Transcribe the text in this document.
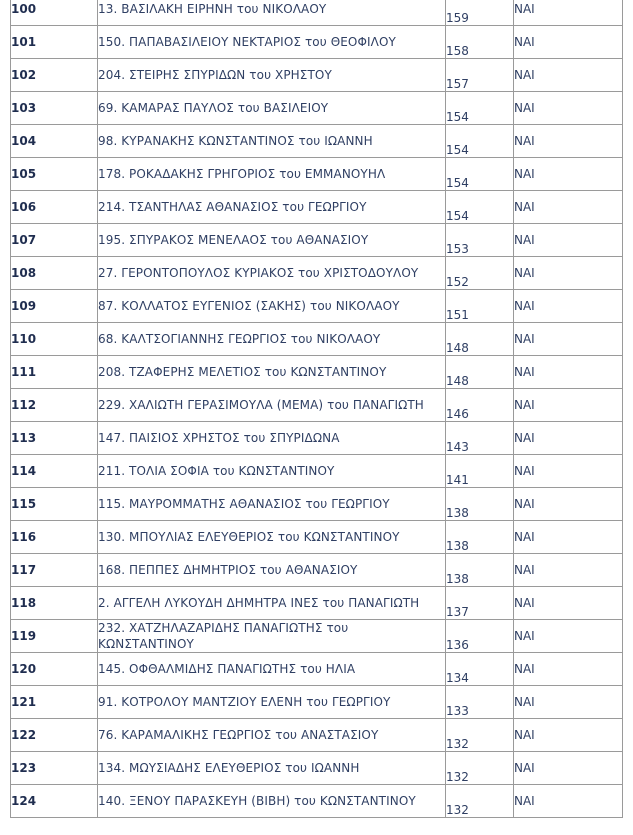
100	13. ΒΑΣΙΛΑΚΗ ΕΙΡΗΝΗ του ΝΙΚΟΛΑΟΥ	159	ΝΑΙ

101	150. ΠΑΠΑΒΑΣΙΛΕΙΟΥ ΝΕΚΤΑΡΙΟΣ του ΘΕΟΦΙΛΟΥ	158	ΝΑΙ

102	204. ΣΤΕΙΡΗΣ ΣΠΥΡΙΔΩΝ του ΧΡΗΣΤΟΥ	157	ΝΑΙ

103	69. ΚΑΜΑΡΑΣ ΠΑΥΛΟΣ του ΒΑΣΙΛΕΙΟΥ	154	ΝΑΙ

104	98. ΚΥΡΑΝΑΚΗΣ ΚΩΝΣΤΑΝΤΙΝΟΣ του ΙΩΑΝΝΗ	154	ΝΑΙ

105	178. ΡΟΚΑΔΑΚΗΣ ΓΡΗΓΟΡΙΟΣ του ΕΜΜΑΝΟΥΗΛ	154	ΝΑΙ

106	214. ΤΣΑΝΤΗΛΑΣ ΑΘΑΝΑΣΙΟΣ του ΓΕΩΡΓΙΟΥ	154	ΝΑΙ

107	195. ΣΠΥΡΑΚΟΣ ΜΕΝΕΛΑΟΣ του ΑΘΑΝΑΣΙΟΥ	153	ΝΑΙ

108	27. ΓΕΡΟΝΤΟΠΟΥΛΟΣ ΚΥΡΙΑΚΟΣ του ΧΡΙΣΤΟΔΟΥΛΟΥ	152	ΝΑΙ

109	87. ΚΟΛΛΑΤΟΣ ΕΥΓΕΝΙΟΣ (ΣΑΚΗΣ) του ΝΙΚΟΛΑΟΥ	151	ΝΑΙ

110	68. ΚΑΛΤΣΟΓΙΑΝΝΗΣ ΓΕΩΡΓΙΟΣ του ΝΙΚΟΛΑΟΥ	148	ΝΑΙ

111	208. ΤΖΑΦΕΡΗΣ ΜΕΛΕΤΙΟΣ του ΚΩΝΣΤΑΝΤΙΝΟΥ	148	ΝΑΙ

112	229. ΧΑΛΙΩΤΗ ΓΕΡΑΣΙΜΟΥΛΑ (ΜΕΜΑ) του ΠΑΝΑΓΙΩΤΗ	146	ΝΑΙ

113	147. ΠΑΙΣΙΟΣ ΧΡΗΣΤΟΣ του ΣΠΥΡΙΔΩΝΑ	143	ΝΑΙ

114	211. ΤΟΛΙΑ ΣΟΦΙΑ του ΚΩΝΣΤΑΝΤΙΝΟΥ	141	ΝΑΙ

115	115. ΜΑΥΡΟΜΜΑΤΗΣ ΑΘΑΝΑΣΙΟΣ του ΓΕΩΡΓΙΟΥ	138	ΝΑΙ

116	130. ΜΠΟΥΛΙΑΣ ΕΛΕΥΘΕΡΙΟΣ του ΚΩΝΣΤΑΝΤΙΝΟΥ	138	ΝΑΙ

117	168. ΠΕΠΠΕΣ ΔΗΜΗΤΡΙΟΣ του ΑΘΑΝΑΣΙΟΥ	138	ΝΑΙ

118	2. ΑΓΓΕΛΗ ΛΥΚΟΥΔΗ ΔΗΜΗΤΡΑ ΙΝΕΣ του ΠΑΝΑΓΙΩΤΗ	137	ΝΑΙ

119	232. ΧΑΤΖΗΛΑΖΑΡΙΔΗΣ ΠΑΝΑΓΙΩΤΗΣ του ΚΩΝΣΤΑΝΤΙΝΟΥ	136	ΝΑΙ

120	145. ΟΦΘΑΛΜΙΔΗΣ ΠΑΝΑΓΙΩΤΗΣ του ΗΛΙΑ	134	ΝΑΙ

121	91. ΚΟΤΡΟΛΟΥ ΜΑΝΤΖΙΟΥ ΕΛΕΝΗ του ΓΕΩΡΓΙΟΥ	133	ΝΑΙ

122	76. ΚΑΡΑΜΑΛΙΚΗΣ ΓΕΩΡΓΙΟΣ του ΑΝΑΣΤΑΣΙΟΥ	132	ΝΑΙ

123	134. ΜΩΥΣΙΑΔΗΣ ΕΛΕΥΘΕΡΙΟΣ του ΙΩΑΝΝΗ	132	ΝΑΙ

124	140. ΞΕΝΟΥ ΠΑΡΑΣΚΕΥΗ (ΒΙΒΗ) του ΚΩΝΣΤΑΝΤΙΝΟΥ	132	ΝΑΙ
